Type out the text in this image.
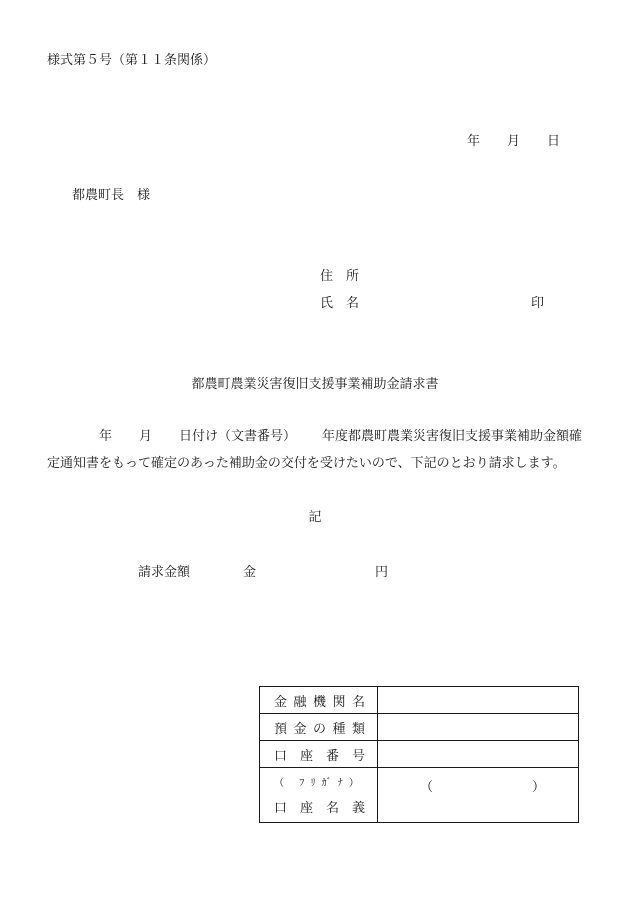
様式第５号（第１１条関係）
年 月 日
都農町長　様
住　所
氏　名	印
都農町農業災害復旧支援事業補助金請求書
年 月 日付け（文書番号） 年度都農町農業災害復旧支援事業補助金額確
定通知書をもって確定のあった補助金の交付を受けたいので、下記のとおり請求します。
記
請求金額	金	円
金融機関名	
預金の種類	
口座番号	

（ ﾌﾘｶﾞﾅ）
口座名義	（ ）
